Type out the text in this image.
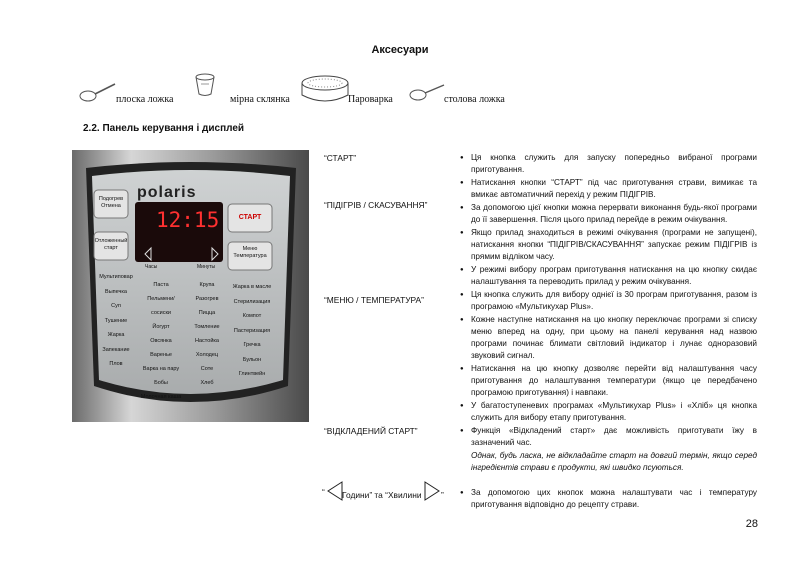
Аксесуари
плоска ложка	мірна склянка	Пароварка	столова ложка
2.2. Панель керування і дисплей
polaris
12:15	СТАРТ
Меню Температура
Подогрев Отмена
Отложенный старт
Часы	Минуты
Мультиповар
Выпечка
Суп
Тушение
Жарка
Запекание
Плов
Паста
Пельмени/сосиски
Йогурт
Овсянка
Варенье
Варка на пару
Бобы
Молочная каша
Крупа
Разогрев
Пицца
Томление
Настойка
Холодец
Соте
Хлеб
Жарка в масле
Стерилизация
Компот
Пастеризация
Гречка
Бульон
Глинтвейн
“СТАРТ”
“ПІДІГРІВ / СКАСУВАННЯ”
“МЕНЮ / ТЕМПЕРАТУРА”
“ВІДКЛАДЕНИЙ СТАРТ”
“ Години” та “Хвилини ”
● Ця кнопка служить для запуску попередньо вибраної програми приготування.
● Натискання кнопки “СТАРТ” під час приготування страви, вимикає та вмикає автоматичний перехід у режим ПІДІГРІВ.
● За допомогою цієї кнопки можна перервати виконання будь-якої програми до її завершення. Після цього прилад перейде в режим очікування.
● Якщо прилад знаходиться в режимі очікування (програми не запущені), натискання кнопки “ПІДІГРІВ/СКАСУВАННЯ” запускає режим ПІДІГРІВ із прямим відліком часу.
● У режимі вибору програм приготування натискання на цю кнопку скидає налаштування та переводить прилад у режим очікування.
● Ця кнопка служить для вибору однієї із 30 програм приготування, разом із програмою «Мультикухар Plus».
● Кожне наступне натискання на цю кнопку переключає програми зі списку меню вперед на одну, при цьому на панелі керування над назвою програми починає блимати світловий індикатор і лунає одноразовий звуковий сигнал.
● Натискання на цю кнопку дозволяє перейти від налаштування часу приготування до налаштування температури (якщо це передбачено програмою приготування) і навпаки.
● У багатоступеневих програмах «Мультикухар Plus» і «Хліб» ця кнопка служить для вибору етапу приготування.
● Функція «Відкладений старт» дає можливість приготувати їжу в зазначений час.
Однак, будь ласка, не відкладайте старт на довгий термін, якщо серед інгредієнтів страви є продукти, які швидко псуються.
● За допомогою цих кнопок можна налаштувати час і температуру приготування відповідно до рецепту страви.
28
